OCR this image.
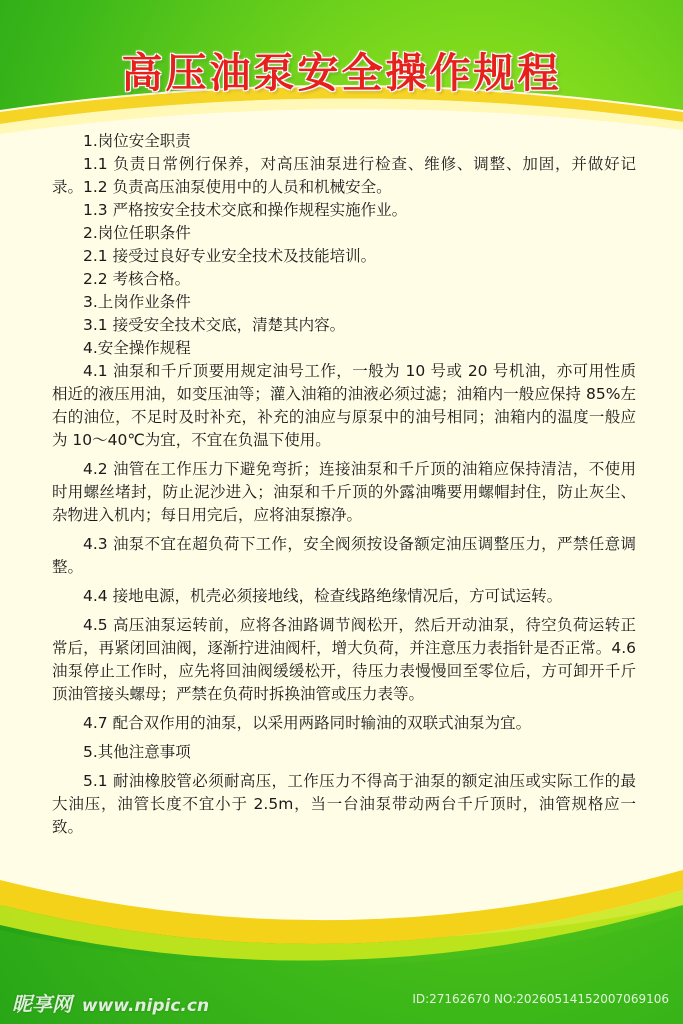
高压油泵安全操作规程

1.岗位安全职责

1.1 负责日常例行保养，对高压油泵进行检查、维修、调整、加固，并做好记录。1.2 负责高压油泵使用中的人员和机械安全。

1.3 严格按安全技术交底和操作规程实施作业。

2.岗位任职条件

2.1 接受过良好专业安全技术及技能培训。

2.2 考核合格。

3.上岗作业条件

3.1 接受安全技术交底，清楚其内容。

4.安全操作规程

4.1 油泵和千斤顶要用规定油号工作，一般为 10 号或 20 号机油，亦可用性质相近的液压用油，如变压油等；灌入油箱的油液必须过滤；油箱内一般应保持 85%左右的油位，不足时及时补充，补充的油应与原泵中的油号相同；油箱内的温度一般应为 10～40℃为宜，不宜在负温下使用。

4.2 油管在工作压力下避免弯折；连接油泵和千斤顶的油箱应保持清洁，不使用时用螺丝堵封，防止泥沙进入；油泵和千斤顶的外露油嘴要用螺帽封住，防止灰尘、杂物进入机内；每日用完后，应将油泵擦净。

4.3 油泵不宜在超负荷下工作，安全阀须按设备额定油压调整压力，严禁任意调整。

4.4 接地电源，机壳必须接地线，检查线路绝缘情况后，方可试运转。

4.5 高压油泵运转前，应将各油路调节阀松开，然后开动油泵，待空负荷运转正常后，再紧闭回油阀，逐渐拧进油阀杆，增大负荷，并注意压力表指针是否正常。4.6 油泵停止工作时，应先将回油阀缓缓松开，待压力表慢慢回至零位后，方可卸开千斤顶油管接头螺母；严禁在负荷时拆换油管或压力表等。

4.7 配合双作用的油泵，以采用两路同时输油的双联式油泵为宜。

5.其他注意事项

5.1 耐油橡胶管必须耐高压，工作压力不得高于油泵的额定油压或实际工作的最大油压，油管长度不宜小于 2.5m，当一台油泵带动两台千斤顶时，油管规格应一致。

昵享网 www.nipic.cn	ID:27162670 NO:20260514152007069106
